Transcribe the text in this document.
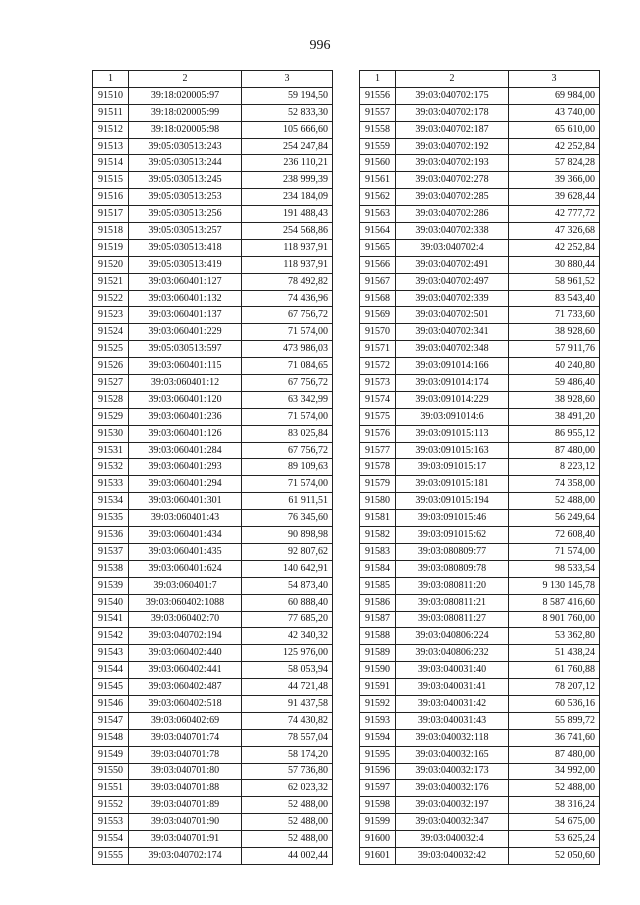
996
1	2	3
91510	39:18:020005:97	59 194,50
91511	39:18:020005:99	52 833,30
91512	39:18:020005:98	105 666,60
91513	39:05:030513:243	254 247,84
91514	39:05:030513:244	236 110,21
91515	39:05:030513:245	238 999,39
91516	39:05:030513:253	234 184,09
91517	39:05:030513:256	191 488,43
91518	39:05:030513:257	254 568,86
91519	39:05:030513:418	118 937,91
91520	39:05:030513:419	118 937,91
91521	39:03:060401:127	78 492,82
91522	39:03:060401:132	74 436,96
91523	39:03:060401:137	67 756,72
91524	39:03:060401:229	71 574,00
91525	39:05:030513:597	473 986,03
91526	39:03:060401:115	71 084,65
91527	39:03:060401:12	67 756,72
91528	39:03:060401:120	63 342,99
91529	39:03:060401:236	71 574,00
91530	39:03:060401:126	83 025,84
91531	39:03:060401:284	67 756,72
91532	39:03:060401:293	89 109,63
91533	39:03:060401:294	71 574,00
91534	39:03:060401:301	61 911,51
91535	39:03:060401:43	76 345,60
91536	39:03:060401:434	90 898,98
91537	39:03:060401:435	92 807,62
91538	39:03:060401:624	140 642,91
91539	39:03:060401:7	54 873,40
91540	39:03:060402:1088	60 888,40
91541	39:03:060402:70	77 685,20
91542	39:03:040702:194	42 340,32
91543	39:03:060402:440	125 976,00
91544	39:03:060402:441	58 053,94
91545	39:03:060402:487	44 721,48
91546	39:03:060402:518	91 437,58
91547	39:03:060402:69	74 430,82
91548	39:03:040701:74	78 557,04
91549	39:03:040701:78	58 174,20
91550	39:03:040701:80	57 736,80
91551	39:03:040701:88	62 023,32
91552	39:03:040701:89	52 488,00
91553	39:03:040701:90	52 488,00
91554	39:03:040701:91	52 488,00
91555	39:03:040702:174	44 002,44
1	2	3
91556	39:03:040702:175	69 984,00
91557	39:03:040702:178	43 740,00
91558	39:03:040702:187	65 610,00
91559	39:03:040702:192	42 252,84
91560	39:03:040702:193	57 824,28
91561	39:03:040702:278	39 366,00
91562	39:03:040702:285	39 628,44
91563	39:03:040702:286	42 777,72
91564	39:03:040702:338	47 326,68
91565	39:03:040702:4	42 252,84
91566	39:03:040702:491	30 880,44
91567	39:03:040702:497	58 961,52
91568	39:03:040702:339	83 543,40
91569	39:03:040702:501	71 733,60
91570	39:03:040702:341	38 928,60
91571	39:03:040702:348	57 911,76
91572	39:03:091014:166	40 240,80
91573	39:03:091014:174	59 486,40
91574	39:03:091014:229	38 928,60
91575	39:03:091014:6	38 491,20
91576	39:03:091015:113	86 955,12
91577	39:03:091015:163	87 480,00
91578	39:03:091015:17	8 223,12
91579	39:03:091015:181	74 358,00
91580	39:03:091015:194	52 488,00
91581	39:03:091015:46	56 249,64
91582	39:03:091015:62	72 608,40
91583	39:03:080809:77	71 574,00
91584	39:03:080809:78	98 533,54
91585	39:03:080811:20	9 130 145,78
91586	39:03:080811:21	8 587 416,60
91587	39:03:080811:27	8 901 760,00
91588	39:03:040806:224	53 362,80
91589	39:03:040806:232	51 438,24
91590	39:03:040031:40	61 760,88
91591	39:03:040031:41	78 207,12
91592	39:03:040031:42	60 536,16
91593	39:03:040031:43	55 899,72
91594	39:03:040032:118	36 741,60
91595	39:03:040032:165	87 480,00
91596	39:03:040032:173	34 992,00
91597	39:03:040032:176	52 488,00
91598	39:03:040032:197	38 316,24
91599	39:03:040032:347	54 675,00
91600	39:03:040032:4	53 625,24
91601	39:03:040032:42	52 050,60
